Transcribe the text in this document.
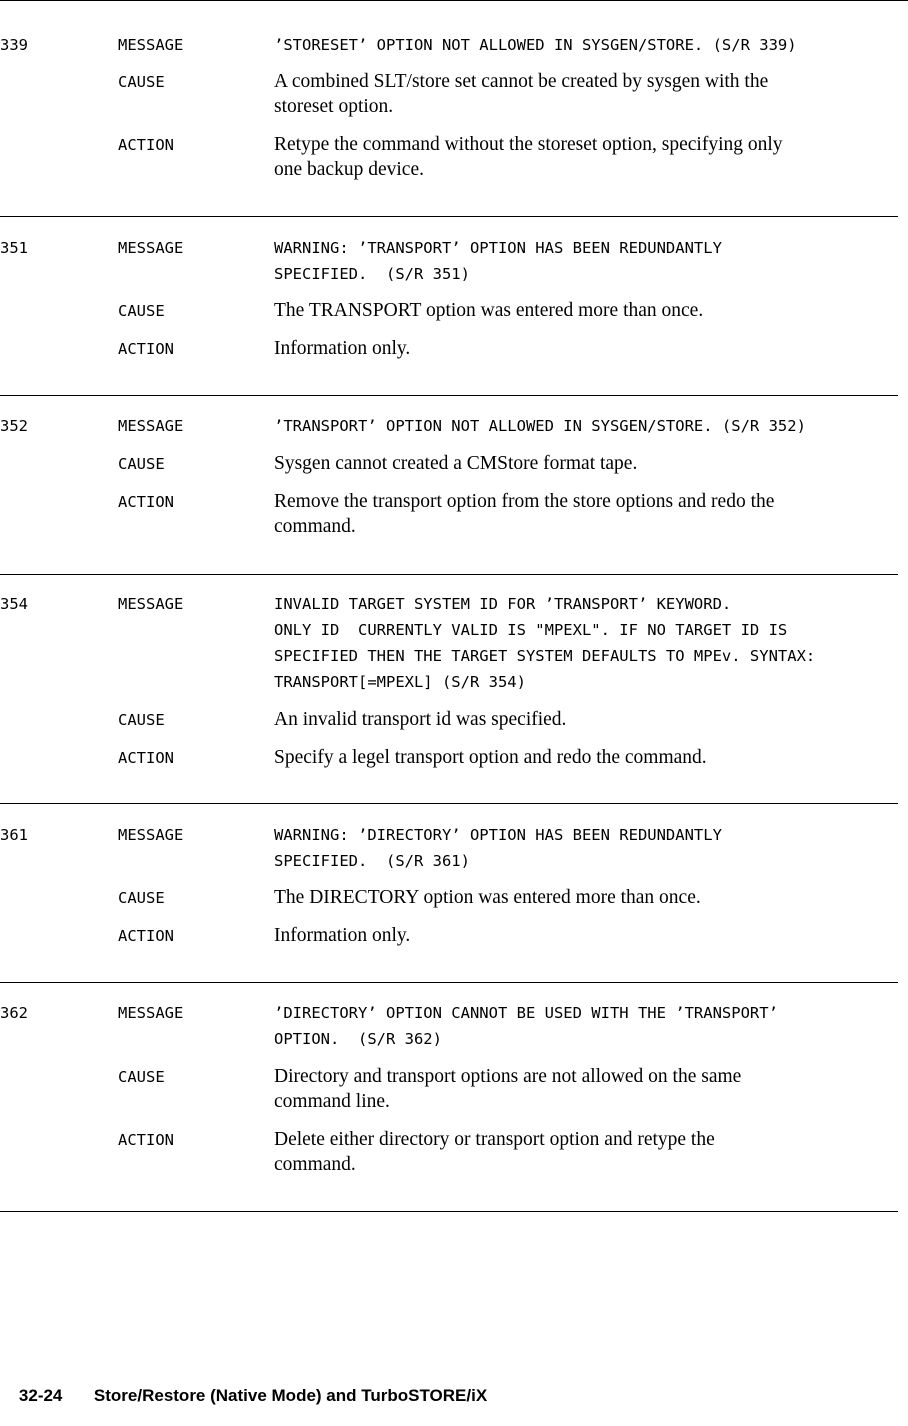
339	MESSAGE	’STORESET’ OPTION NOT ALLOWED IN SYSGEN/STORE. (S/R 339)
CAUSE	A combined SLT/store set cannot be created by sysgen with the
storeset option.
ACTION	Retype the command without the storeset option, specifying only
one backup device.
351	MESSAGE	WARNING: ’TRANSPORT’ OPTION HAS BEEN REDUNDANTLY
SPECIFIED.  (S/R 351)
CAUSE	The TRANSPORT option was entered more than once.
ACTION	Information only.
352	MESSAGE	’TRANSPORT’ OPTION NOT ALLOWED IN SYSGEN/STORE. (S/R 352)
CAUSE	Sysgen cannot created a CMStore format tape.
ACTION	Remove the transport option from the store options and redo the
command.
354	MESSAGE	INVALID TARGET SYSTEM ID FOR ’TRANSPORT’ KEYWORD.
ONLY ID  CURRENTLY VALID IS "MPEXL". IF NO TARGET ID IS
SPECIFIED THEN THE TARGET SYSTEM DEFAULTS TO MPEv. SYNTAX:
TRANSPORT[=MPEXL] (S/R 354)
CAUSE	An invalid transport id was specified.
ACTION	Specify a legel transport option and redo the command.
361	MESSAGE	WARNING: ’DIRECTORY’ OPTION HAS BEEN REDUNDANTLY
SPECIFIED.  (S/R 361)
CAUSE	The DIRECTORY option was entered more than once.
ACTION	Information only.
362	MESSAGE	’DIRECTORY’ OPTION CANNOT BE USED WITH THE ’TRANSPORT’
OPTION.  (S/R 362)
CAUSE	Directory and transport options are not allowed on the same
command line.
ACTION	Delete either directory or transport option and retype the
command.

32-24 Store/Restore (Native Mode) and TurboSTORE/iX
